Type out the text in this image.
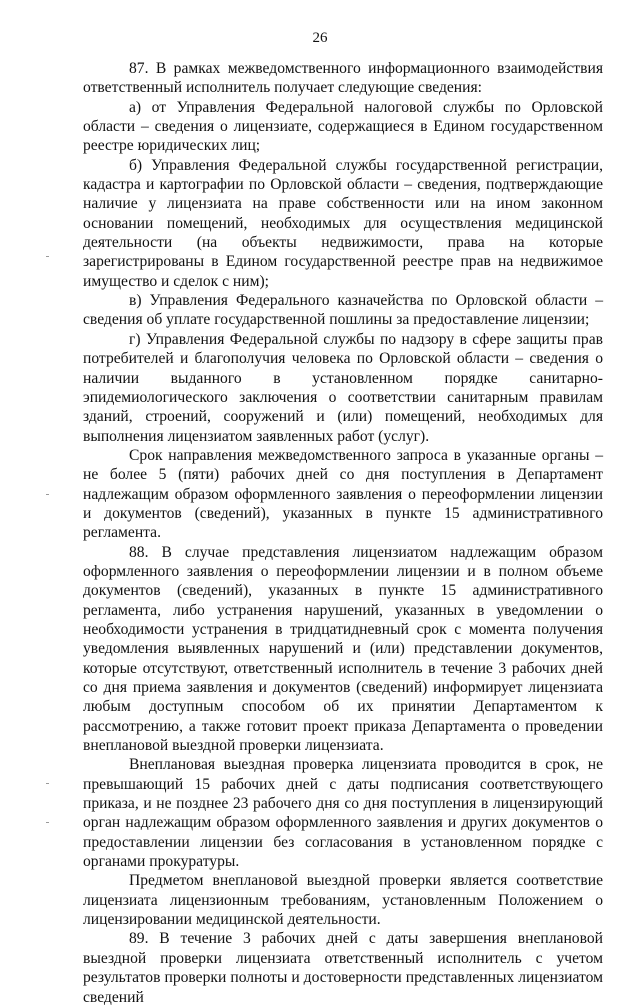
26

87. В рамках межведомственного информационного взаимодействия ответственный исполнитель получает следующие сведения:

а) от Управления Федеральной налоговой службы по Орловской области – сведения о лицензиате, содержащиеся в Едином государственном реестре юридических лиц;

б) Управления Федеральной службы государственной регистрации, кадастра и картографии по Орловской области – сведения, подтверждающие наличие у лицензиата на праве собственности или на ином законном основании помещений, необходимых для осуществления медицинской деятельности (на объекты недвижимости, права на которые зарегистрированы в Едином государственной реестре прав на недвижимое имущество и сделок с ним);

в) Управления Федерального казначейства по Орловской области – сведения об уплате государственной пошлины за предоставление лицензии;

г) Управления Федеральной службы по надзору в сфере защиты прав потребителей и благополучия человека по Орловской области – сведения о наличии выданного в установленном порядке санитарно-эпидемиологического заключения о соответствии санитарным правилам зданий, строений, сооружений и (или) помещений, необходимых для выполнения лицензиатом заявленных работ (услуг).

Срок направления межведомственного запроса в указанные органы – не более 5 (пяти) рабочих дней со дня поступления в Департамент надлежащим образом оформленного заявления о переоформлении лицензии и документов (сведений), указанных в пункте 15 административного регламента.

88. В случае представления лицензиатом надлежащим образом оформленного заявления о переоформлении лицензии и в полном объеме документов (сведений), указанных в пункте 15 административного регламента, либо устранения нарушений, указанных в уведомлении о необходимости устранения в тридцатидневный срок с момента получения уведомления выявленных нарушений и (или) представлении документов, которые отсутствуют, ответственный исполнитель в течение 3 рабочих дней со дня приема заявления и документов (сведений) информирует лицензиата любым доступным способом об их принятии Департаментом к рассмотрению, а также готовит проект приказа Департамента о проведении внеплановой выездной проверки лицензиата.

Внеплановая выездная проверка лицензиата проводится в срок, не превышающий 15 рабочих дней с даты подписания соответствующего приказа, и не позднее 23 рабочего дня со дня поступления в лицензирующий орган надлежащим образом оформленного заявления и других документов о предоставлении лицензии без согласования в установленном порядке с органами прокуратуры.

Предметом внеплановой выездной проверки является соответствие лицензиата лицензионным требованиям, установленным Положением о лицензировании медицинской деятельности.

89. В течение 3 рабочих дней с даты завершения внеплановой выездной проверки лицензиата ответственный исполнитель с учетом результатов проверки полноты и достоверности представленных лицензиатом сведений
